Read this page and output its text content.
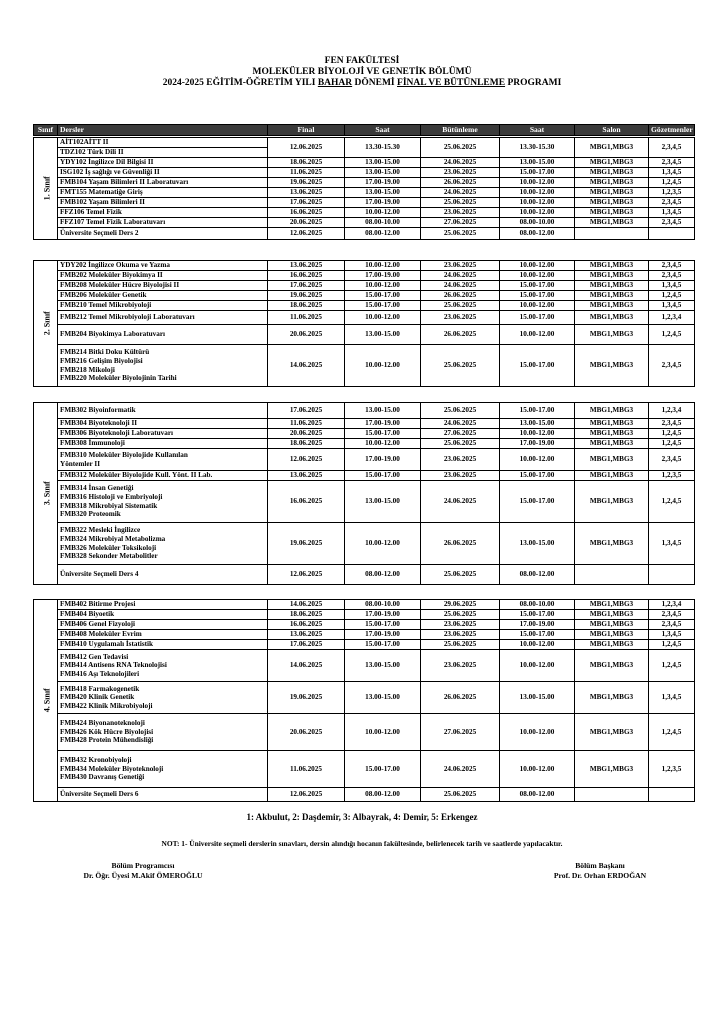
FEN FAKÜLTESİ
MOLEKÜLER BİYOLOJİ VE GENETİK BÖLÜMÜ
2024-2025 EĞİTİM-ÖĞRETİM YILI BAHAR DÖNEMİ FİNAL VE BÜTÜNLEME PROGRAMI
Sınıf	Dersler	Final	Saat	Bütünleme	Saat	Salon	Gözetmenler
1. Sınıf	AİT102AİTT II	12.06.2025	13.30-15.30	25.06.2025	13.30-15.30	MBG1,MBG3	2,3,4,5
	TDZ102 Türk Dili II						
	YDY102 İngilizce Dil Bilgisi II	18.06.2025	13.00-15.00	24.06.2025	13.00-15.00	MBG1,MBG3	2,3,4,5
	ISG102 İş sağlığı ve Güvenliği II	11.06.2025	13.00-15.00	23.06.2025	15.00-17.00	MBG1,MBG3	1,3,4,5
	FMB104 Yaşam Bilimleri II Laboratuvarı	19.06.2025	17.00-19.00	26.06.2025	10.00-12.00	MBG1,MBG3	1,2,4,5
	FMT155 Matematiğe Giriş	13.06.2025	13.00-15.00	24.06.2025	10.00-12.00	MBG1,MBG3	1,2,3,5
	FMB102 Yaşam Bilimleri II	17.06.2025	17.00-19.00	25.06.2025	10.00-12.00	MBG1,MBG3	2,3,4,5
	FFZ106 Temel Fizik	16.06.2025	10.00-12.00	23.06.2025	10.00-12.00	MBG1,MBG3	1,3,4,5
	FFZ107 Temel Fizik Laboratuvarı	20.06.2025	08.00-10.00	27.06.2025	08.00-10.00	MBG1,MBG3	2,3,4,5
	Üniversite Seçmeli Ders 2	12.06.2025	08.00-12.00	25.06.2025	08.00-12.00		
2. Sınıf	YDY202 İngilizce Okuma ve Yazma	13.06.2025	10.00-12.00	23.06.2025	10.00-12.00	MBG1,MBG3	2,3,4,5
	FMB202 Moleküler Biyokimya II	16.06.2025	17.00-19.00	24.06.2025	10.00-12.00	MBG1,MBG3	2,3,4,5
	FMB208 Moleküler Hücre Biyolojisi II	17.06.2025	10.00-12.00	24.06.2025	15.00-17.00	MBG1,MBG3	1,3,4,5
	FMB206 Moleküler Genetik	19.06.2025	15.00-17.00	26.06.2025	15.00-17.00	MBG1,MBG3	1,2,4,5
	FMB210 Temel Mikrobiyoloji	18.06.2025	15.00-17.00	25.06.2025	10.00-12.00	MBG1,MBG3	1,3,4,5
	FMB212 Temel Mikrobiyoloji Laboratuvarı	11.06.2025	10.00-12.00	23.06.2025	15.00-17.00	MBG1,MBG3	1,2,3,4
	FMB204 Biyokimya Laboratuvarı	20.06.2025	13.00-15.00	26.06.2025	10.00-12.00	MBG1,MBG3	1,2,4,5

	FMB214 Bitki Doku Kültürü
FMB216 Gelişim Biyolojisi
FMB218 Mikoloji
FMB220 Moleküler Biyolojinin Tarihi	14.06.2025	10.00-12.00	25.06.2025	15.00-17.00	MBG1,MBG3	2,3,4,5
3. Sınıf	FMB302 Biyoinformatik	17.06.2025	13.00-15.00	25.06.2025	15.00-17.00	MBG1,MBG3	1,2,3,4
	FMB304 Biyoteknoloji II	11.06.2025	17.00-19.00	24.06.2025	13.00-15.00	MBG1,MBG3	2,3,4,5
	FMB306 Biyoteknoloji Laboratuvarı	20.06.2025	15.00-17.00	27.06.2025	10.00-12.00	MBG1,MBG3	1,2,4,5
	FMB308 İmmunoloji	18.06.2025	10.00-12.00	25.06.2025	17.00-19.00	MBG1,MBG3	1,2,4,5

	FMB310 Moleküler Biyolojide Kullanılan
Yöntemler II	12.06.2025	17.00-19.00	23.06.2025	10.00-12.00	MBG1,MBG3	2,3,4,5
	FMB312 Moleküler Biyolojide Kull. Yönt. II Lab.	13.06.2025	15.00-17.00	23.06.2025	15.00-17.00	MBG1,MBG3	1,2,3,5

	FMB314 İnsan Genetiği
FMB316 Histoloji ve Embriyoloji
FMB318 Mikrobiyal Sistematik
FMB320 Proteomik	16.06.2025	13.00-15.00	24.06.2025	15.00-17.00	MBG1,MBG3	1,2,4,5

	FMB322 Mesleki İngilizce
FMB324 Mikrobiyal Metabolizma
FMB326 Moleküler Toksikoloji
FMB328 Sekonder Metabolitler	19.06.2025	10.00-12.00	26.06.2025	13.00-15.00	MBG1,MBG3	1,3,4,5
	Üniversite Seçmeli Ders 4	12.06.2025	08.00-12.00	25.06.2025	08.00-12.00		
4. Sınıf	FMB402 Bitirme Projesi	14.06.2025	08.00-10.00	29.06.2025	08.00-10.00	MBG1,MBG3	1,2,3,4
	FMB404 Biyoetik	18.06.2025	17.00-19.00	25.06.2025	15.00-17.00	MBG1,MBG3	2,3,4,5
	FMB406 Genel Fizyoloji	16.06.2025	15.00-17.00	23.06.2025	17.00-19.00	MBG1,MBG3	2,3,4,5
	FMB408 Moleküler Evrim	13.06.2025	17.00-19.00	23.06.2025	15.00-17.00	MBG1,MBG3	1,3,4,5
	FMB410 Uygulamalı İstatistik	17.06.2025	15.00-17.00	25.06.2025	10.00-12.00	MBG1,MBG3	1,2,4,5

	FMB412 Gen Tedavisi
FMB414 Antisens RNA Teknolojisi
FMB416 Aşı Teknolojileri	14.06.2025	13.00-15.00	23.06.2025	10.00-12.00	MBG1,MBG3	1,2,4,5

	FMB418 Farmakogenetik
FMB420 Klinik Genetik
FMB422 Klinik Mikrobiyoloji	19.06.2025	13.00-15.00	26.06.2025	13.00-15.00	MBG1,MBG3	1,3,4,5

	FMB424 Biyonanoteknoloji
FMB426 Kök Hücre Biyolojisi
FMB428 Protein Mühendisliği	20.06.2025	10.00-12.00	27.06.2025	10.00-12.00	MBG1,MBG3	1,2,4,5

	FMB432 Kronobiyoloji
FMB434 Moleküler Biyoteknoloji
FMB430 Davranış Genetiği	11.06.2025	15.00-17.00	24.06.2025	10.00-12.00	MBG1,MBG3	1,2,3,5
	Üniversite Seçmeli Ders 6	12.06.2025	08.00-12.00	25.06.2025	08.00-12.00		
1: Akbulut, 2: Daşdemir, 3: Albayrak, 4: Demir, 5: Erkengez
NOT: 1- Üniversite seçmeli derslerin sınavları, dersin alındığı hocanın fakültesinde, belirlenecek tarih ve saatlerde yapılacaktır.
Bölüm Programcısı
Dr. Öğr. Üyesi M.Akif ÖMEROĞLU
Bölüm Başkanı
Prof. Dr. Orhan ERDOĞAN
